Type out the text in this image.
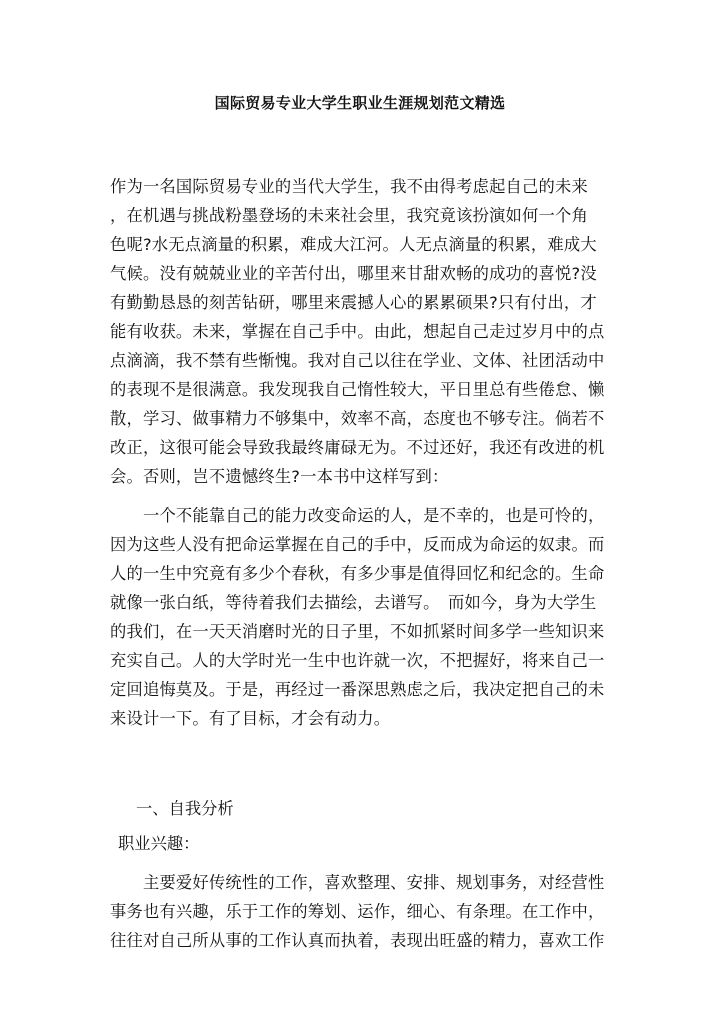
国际贸易专业大学生职业生涯规划范文精选
作为一名国际贸易专业的当代大学生，我不由得考虑起自己的未来
，在机遇与挑战粉墨登场的未来社会里，我究竟该扮演如何一个角
色呢?水无点滴量的积累，难成大江河。人无点滴量的积累，难成大
气候。没有兢兢业业的辛苦付出，哪里来甘甜欢畅的成功的喜悦?没
有勤勤恳恳的刻苦钻研，哪里来震撼人心的累累硕果?只有付出，才
能有收获。未来，掌握在自己手中。由此，想起自己走过岁月中的点
点滴滴，我不禁有些惭愧。我对自己以往在学业、文体、社团活动中
的表现不是很满意。我发现我自己惰性较大，平日里总有些倦怠、懒
散，学习、做事精力不够集中，效率不高，态度也不够专注。倘若不
改正，这很可能会导致我最终庸碌无为。不过还好，我还有改进的机
会。否则，岂不遗憾终生?一本书中这样写到：
　　一个不能靠自己的能力改变命运的人，是不幸的，也是可怜的，
因为这些人没有把命运掌握在自己的手中，反而成为命运的奴隶。而
人的一生中究竟有多少个春秋，有多少事是值得回忆和纪念的。生命
就像一张白纸，等待着我们去描绘，去谱写。　而如今，身为大学生
的我们，在一天天消磨时光的日子里，不如抓紧时间多学一些知识来
充实自己。人的大学时光一生中也许就一次，不把握好，将来自己一
定回追悔莫及。于是，再经过一番深思熟虑之后，我决定把自己的未
来设计一下。有了目标，才会有动力。
一、自我分析
职业兴趣：
　　主要爱好传统性的工作，喜欢整理、安排、规划事务，对经营性
事务也有兴趣，乐于工作的筹划、运作，细心、有条理。在工作中，
往往对自己所从事的工作认真而执着，表现出旺盛的精力，喜欢工作
